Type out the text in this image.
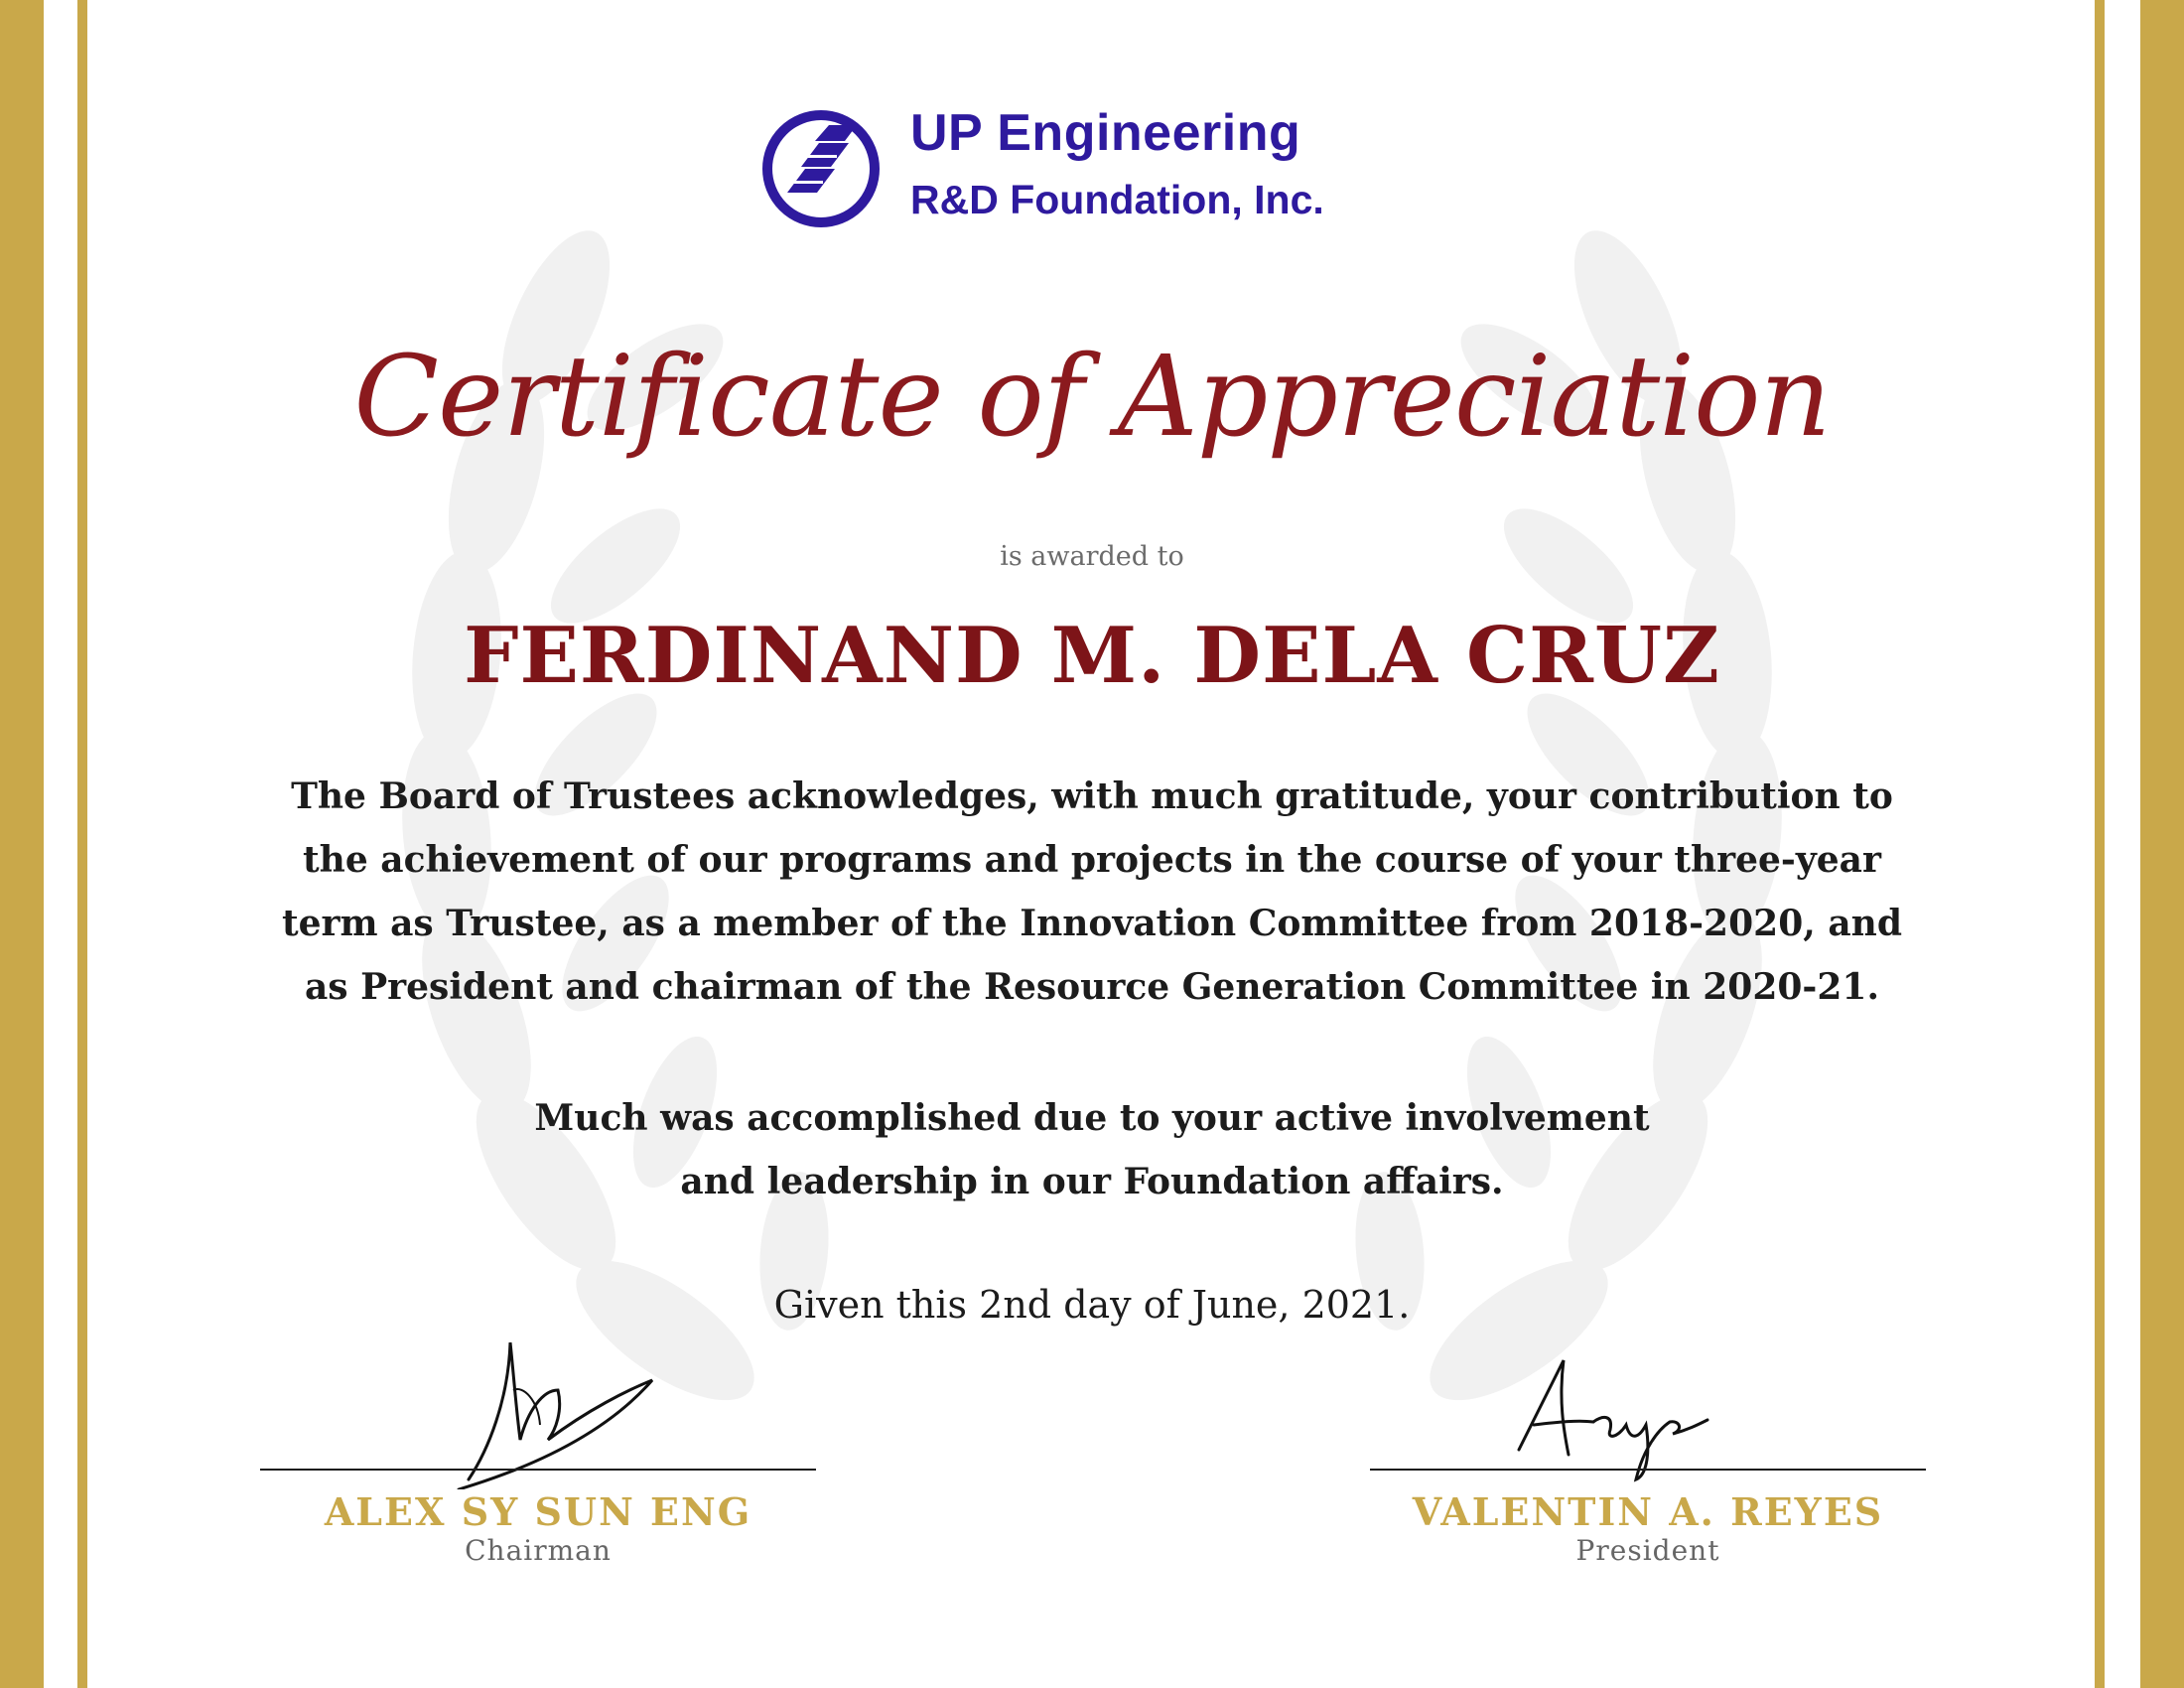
UP Engineering
R&D Foundation, Inc.
Certificate of Appreciation
is awarded to
FERDINAND M. DELA CRUZ

The Board of Trustees acknowledges, with much gratitude, your contribution to
the achievement of our programs and projects in the course of your three-year
term as Trustee, as a member of the Innovation Committee from 2018-2020, and
as President and chairman of the Resource Generation Committee in 2020-21.

Much was accomplished due to your active involvement
and leadership in our Foundation affairs.

Given this 2nd day of June, 2021.
ALEX SY SUN ENG
Chairman
VALENTIN A. REYES
President
